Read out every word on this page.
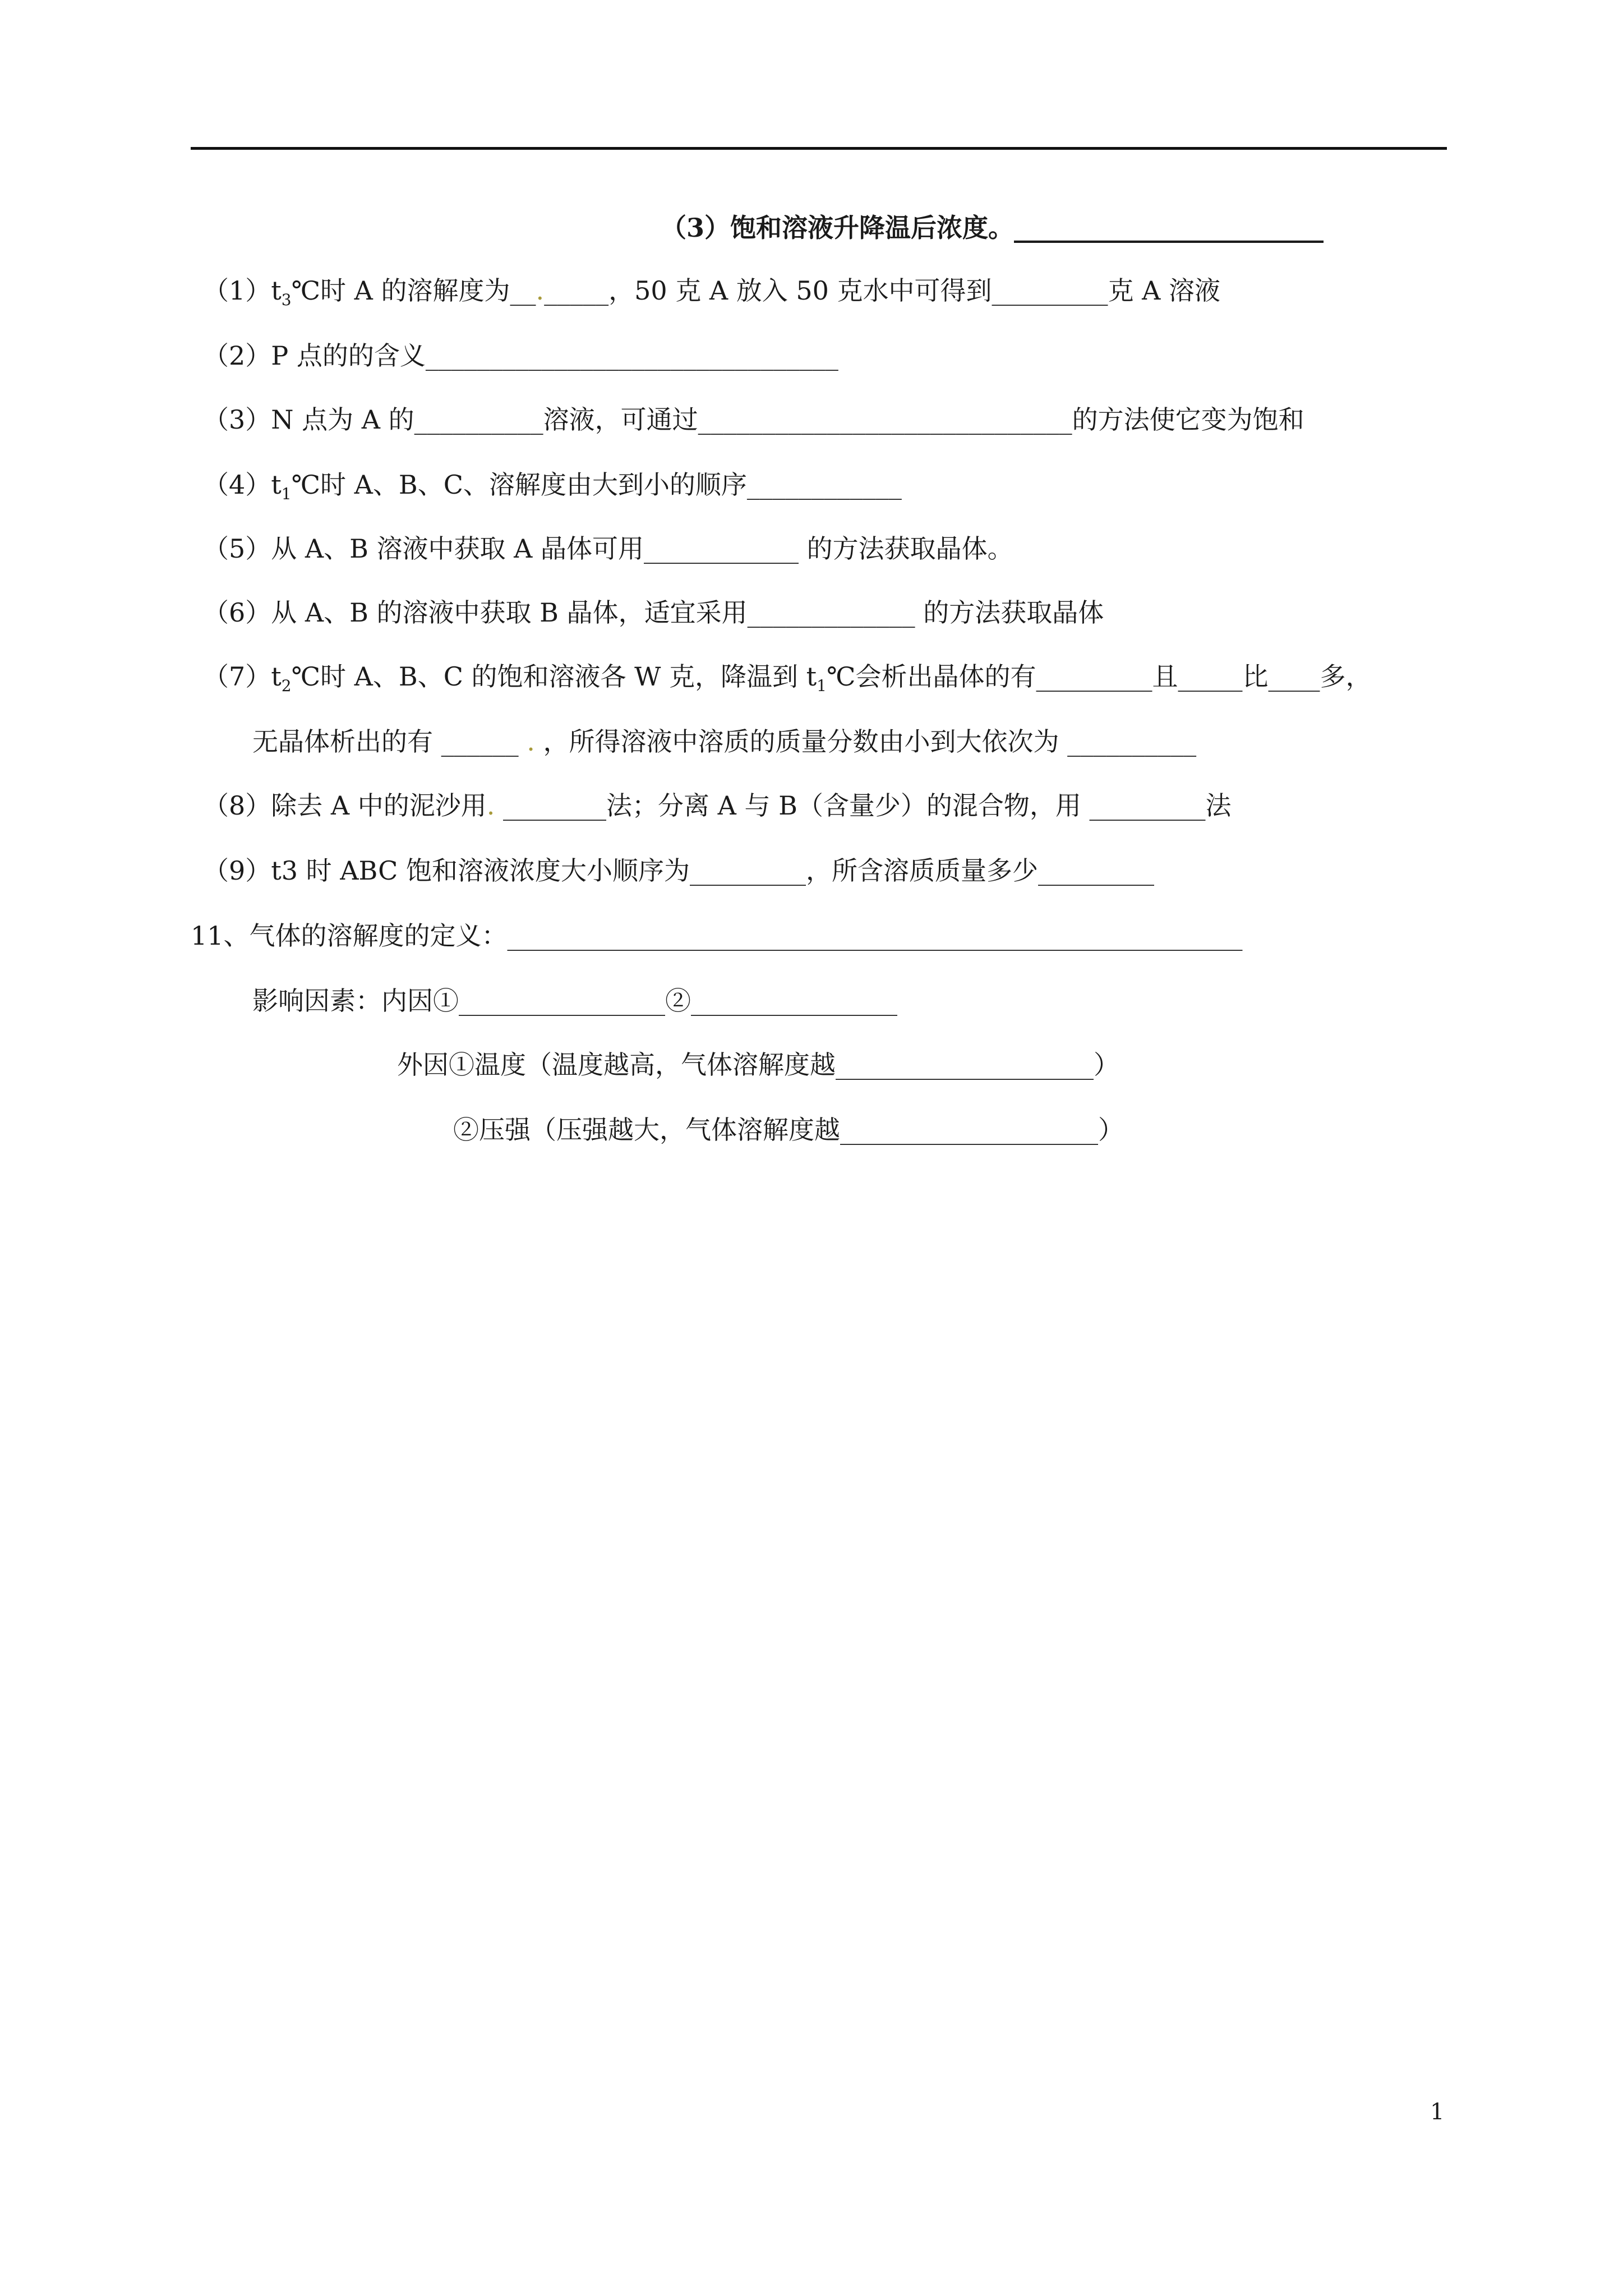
（3）饱和溶液升降温后浓度。________________________
$(1)t_3℃$时 A 的溶解度为__._____，50 克 A 放入 50 克水中可得到_________克 A 溶液
（2）P 点的的含义________________________________
（3）N 点为 A 的__________溶液，可通过_____________________________的方法使它变为饱和
$(4)t_1℃$时 A、B、C、溶解度由大到小的顺序____________
（5）从 A、B 溶液中获取 A 晶体可用____________ 的方法获取晶体。
（6）从 A、B 的溶液中获取 B 晶体，适宜采用_____________ 的方法获取晶体
$(7)t_2℃$时 A、B、C 的饱和溶液各 W 克，降温到 $t_1℃$会析出晶体的有_________且_____比____多，
无晶体析出的有 ______ . ，所得溶液中溶质的质量分数由小到大依次为 __________
（8）除去 A 中的泥沙用. ________法；分离 A 与 B（含量少）的混合物，用 _________法
（9）t3 时 ABC 饱和溶液浓度大小顺序为_________，所含溶质质量多少_________
11、气体的溶解度的定义：_________________________________________________________
影响因素：内因①________________②________________
外因①温度（温度越高，气体溶解度越____________________）
②压强（压强越大，气体溶解度越____________________）
1
